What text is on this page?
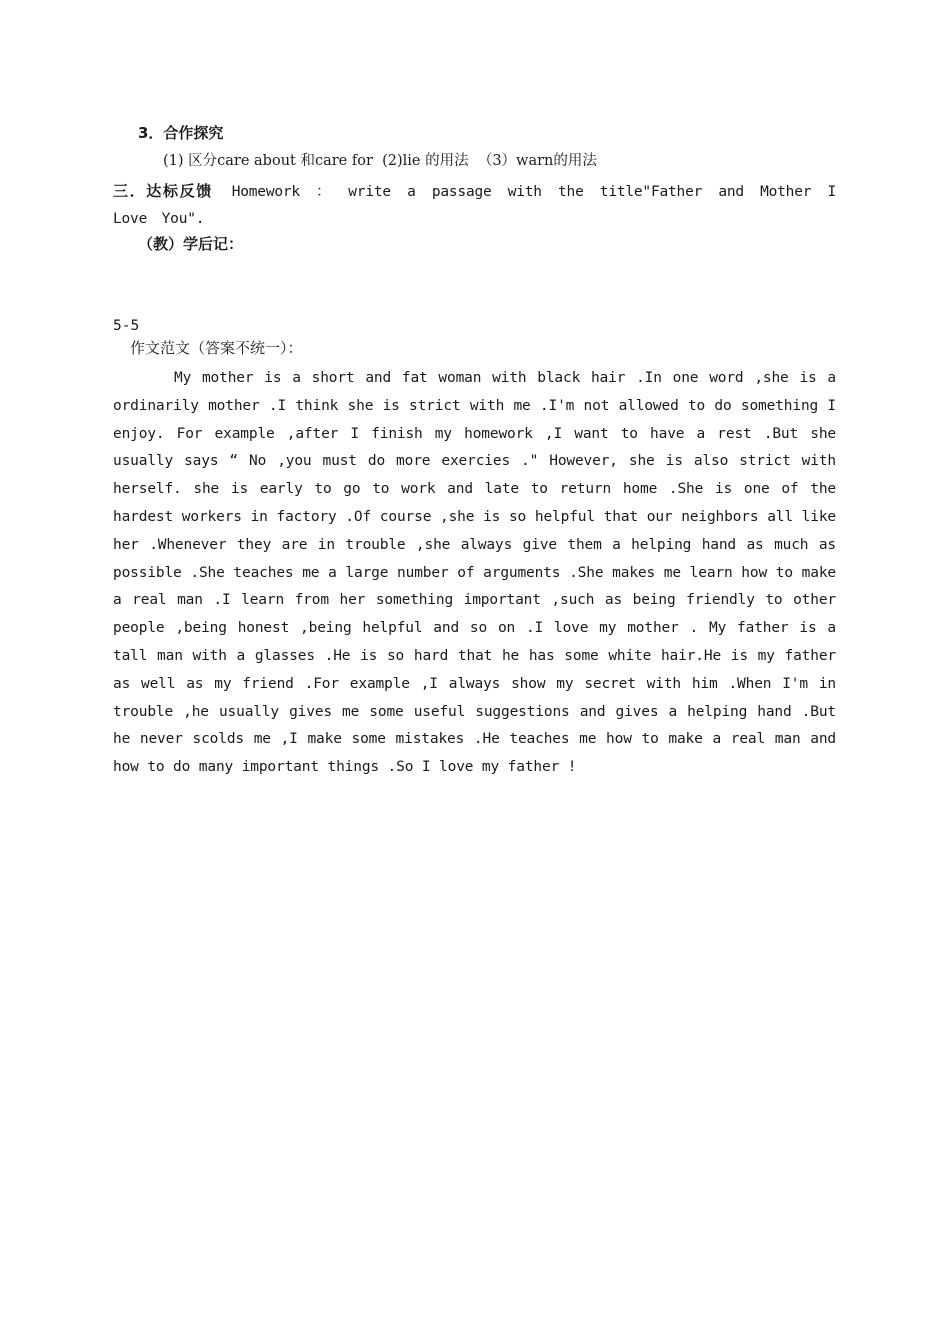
3．合作探究
(1) 区分care about 和care for  (2)lie 的用法  （3）warn的用法
三．达标反馈 Homework ： write a passage with the title"Father and Mother I Love You".
（教）学后记：
5-5
作文范文（答案不统一）：
My mother is a short and fat woman with black hair .In one word ,she is a ordinarily mother .I think she is strict with me .I'm not allowed to do something I enjoy. For example ,after I finish my homework ,I want to have a rest .But she usually says “ No ,you must do more exercies ." However, she is also strict with herself. she is early to go to work and late to return home .She is one of the hardest workers in factory .Of course ,she is so helpful that our neighbors all like her .Whenever they are in trouble ,she always give them a helping hand as much as possible .She teaches me a large number of arguments .She makes me learn how to make a real man .I learn from her something important ,such as being friendly to other people ,being honest ,being helpful and so on .I love my mother . My father is a tall man with a glasses .He is so hard that he has some white hair.He is my father as well as my friend .For example ,I always show my secret with him .When I'm in trouble ,he usually gives me some useful suggestions and gives a helping hand .But he never scolds me ,I make some mistakes .He teaches me how to make a real man and how to do many important things .So I love my father !
